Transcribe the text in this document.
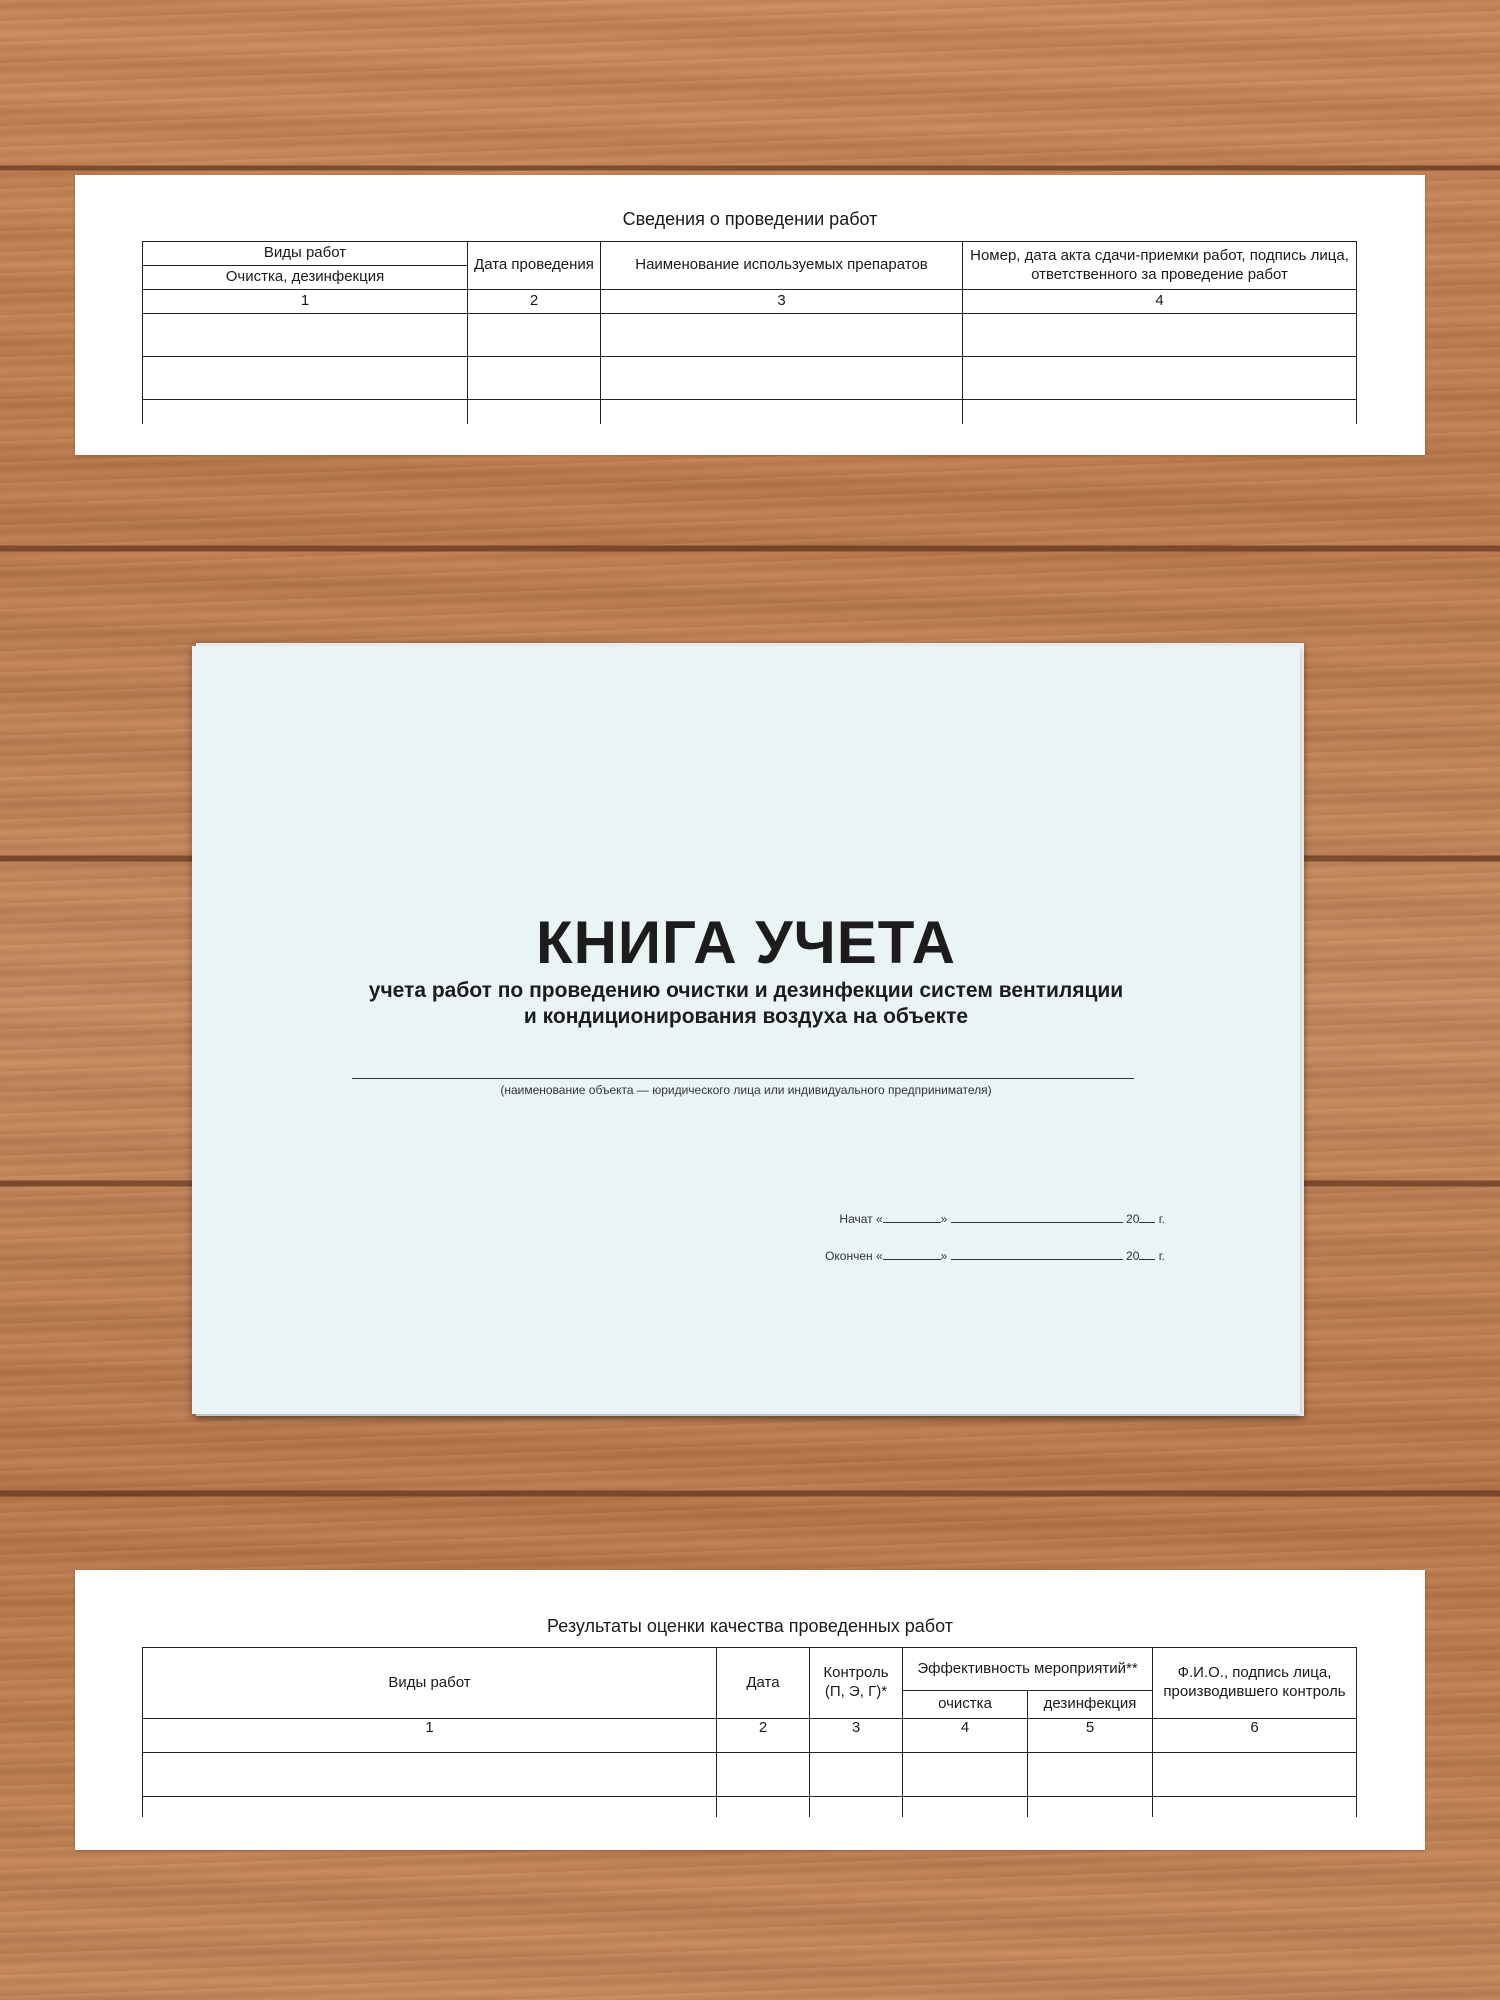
Сведения о проведении работ
Виды работ	Дата проведения	Наименование используемых препаратов	Номер, дата акта сдачи-приемки работ, подпись лица, ответственного за проведение работ
Очистка, дезинфекция			
1	2	3	4

КНИГА УЧЕТА
учета работ по проведению очистки и дезинфекции систем вентиляции
и кондиционирования воздуха на объекте
(наименование объекта — юридического лица или индивидуального предпринимателя)
Начат «	»	20 г.
Окончен «	»	20 г.
Результаты оценки качества проведенных работ
Виды работ	Дата	Контроль (П, Э, Г)*	Эффективность мероприятий**		Ф.И.О., подпись лица, производившего контроль
			очистка	дезинфекция	
1	2	3	4	5	6
